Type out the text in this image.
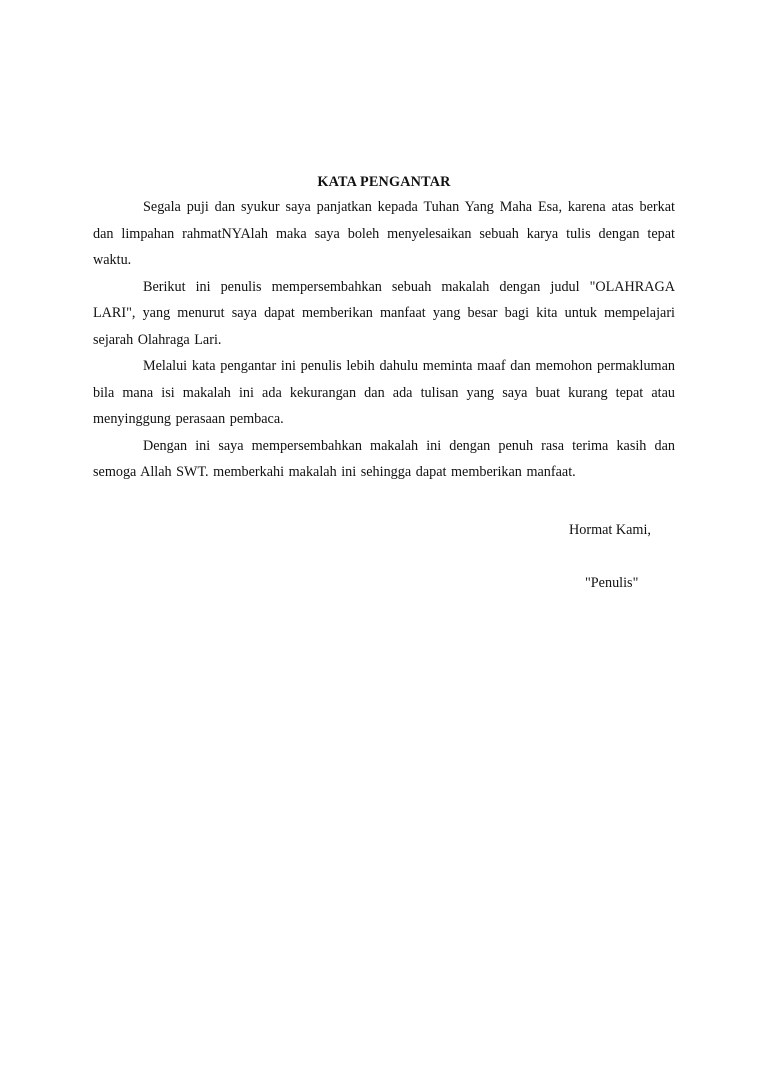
KATA PENGANTAR

Segala puji dan syukur saya panjatkan kepada Tuhan Yang Maha Esa, karena atas berkat dan limpahan rahmatNYAlah maka saya boleh menyelesaikan sebuah karya tulis dengan tepat waktu.

Berikut ini penulis mempersembahkan sebuah makalah dengan judul "OLAHRAGA LARI", yang menurut saya dapat memberikan manfaat yang besar bagi kita untuk mempelajari sejarah Olahraga Lari.

Melalui kata pengantar ini penulis lebih dahulu meminta maaf dan memohon permakluman bila mana isi makalah ini ada kekurangan dan ada tulisan yang saya buat kurang tepat atau menyinggung perasaan pembaca.

Dengan ini saya mempersembahkan makalah ini dengan penuh rasa terima kasih dan semoga Allah SWT. memberkahi makalah ini sehingga dapat memberikan manfaat.

Hormat Kami,
"Penulis"
